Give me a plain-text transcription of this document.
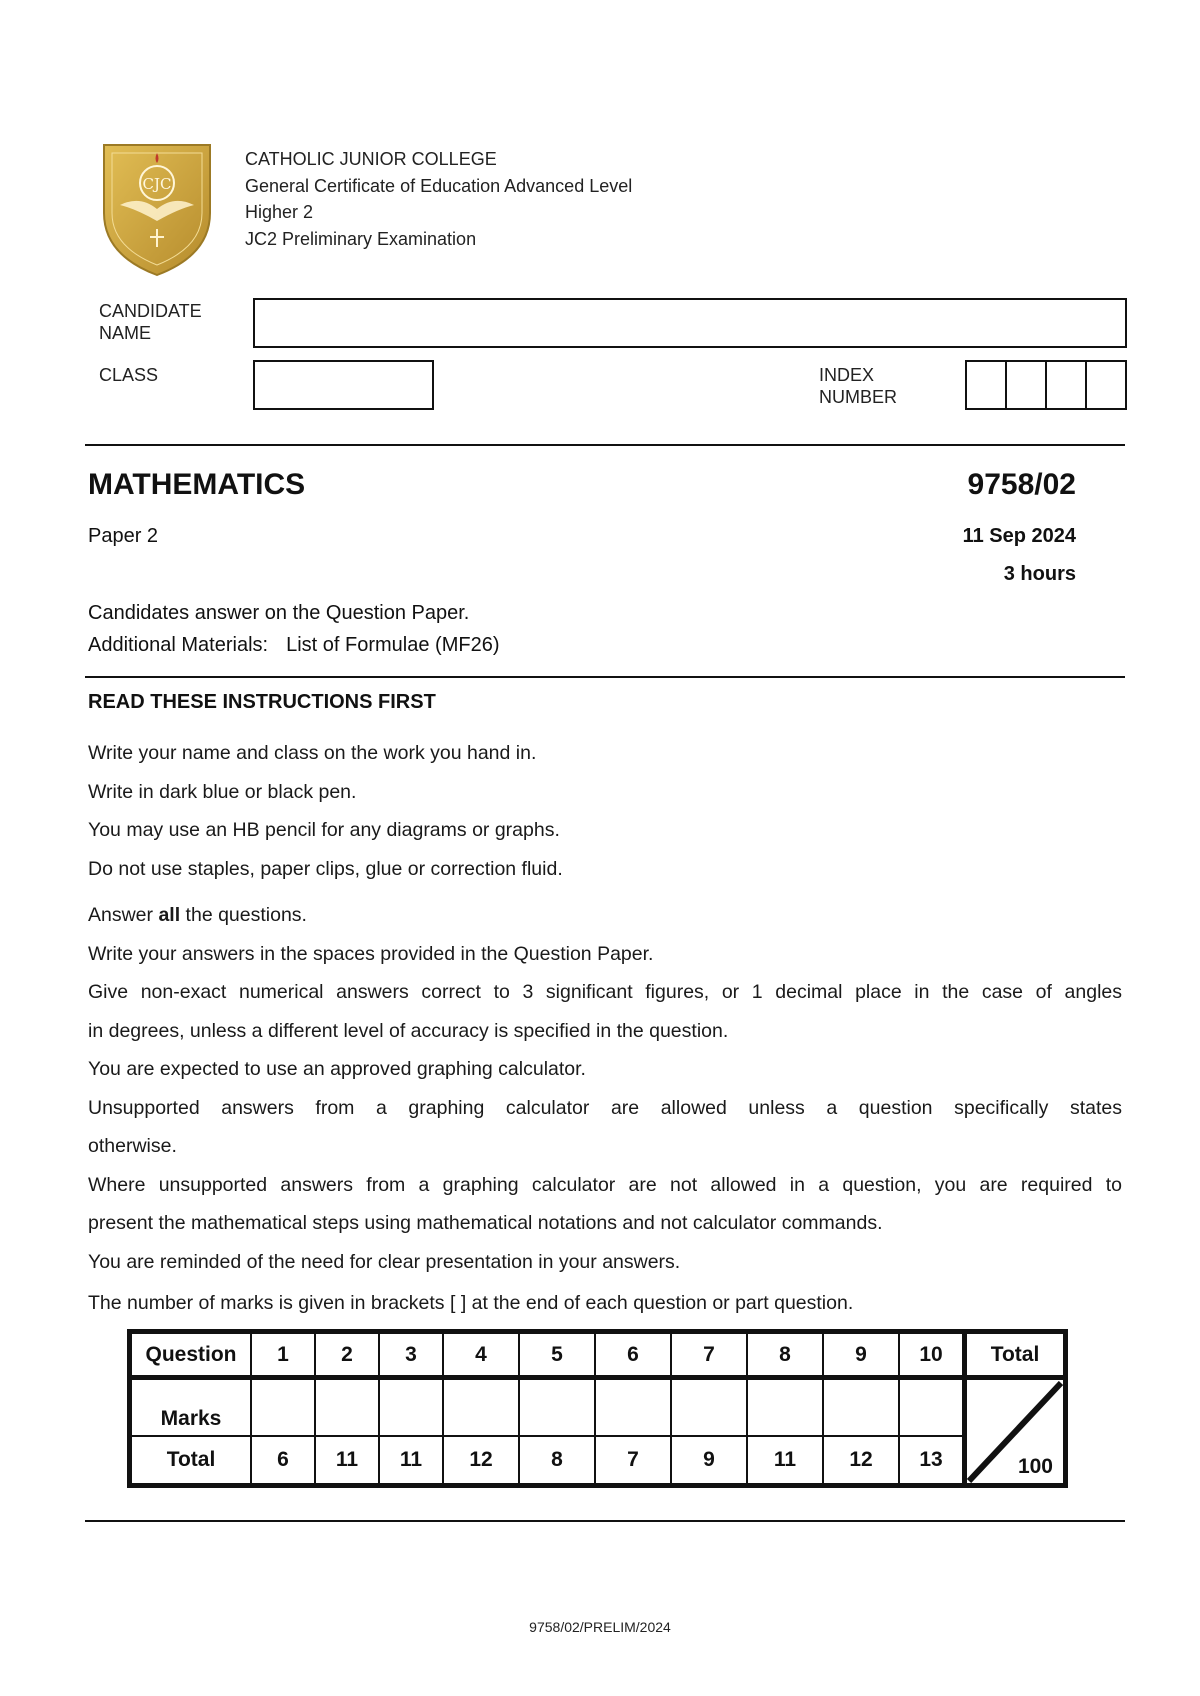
CJC
CATHOLIC JUNIOR COLLEGE
General Certificate of Education Advanced Level
Higher 2
JC2 Preliminary Examination
CANDIDATE
NAME
CLASS	INDEX
NUMBER
MATHEMATICS	9758/02
Paper 2	11 Sep 2024
3 hours
Candidates answer on the Question Paper.
Additional Materials: List of Formulae (MF26)
READ THESE INSTRUCTIONS FIRST
Write your name and class on the work you hand in.
Write in dark blue or black pen.
You may use an HB pencil for any diagrams or graphs.
Do not use staples, paper clips, glue or correction fluid.
Answer all the questions.
Write your answers in the spaces provided in the Question Paper.
Give non-exact numerical answers correct to 3 significant figures, or 1 decimal place in the case of angles
in degrees, unless a different level of accuracy is specified in the question.
You are expected to use an approved graphing calculator.
Unsupported answers from a graphing calculator are allowed unless a question specifically states
otherwise.
Where unsupported answers from a graphing calculator are not allowed in a question, you are required to
present the mathematical steps using mathematical notations and not calculator commands.
You are reminded of the need for clear presentation in your answers.
The number of marks is given in brackets [ ] at the end of each question or part question.
Question	1	2	3	4	5	6	7	8	9	10	Total
Marks											100

Total	6	11	11	12	8	7	9	11	12	13	
9758/02/PRELIM/2024
